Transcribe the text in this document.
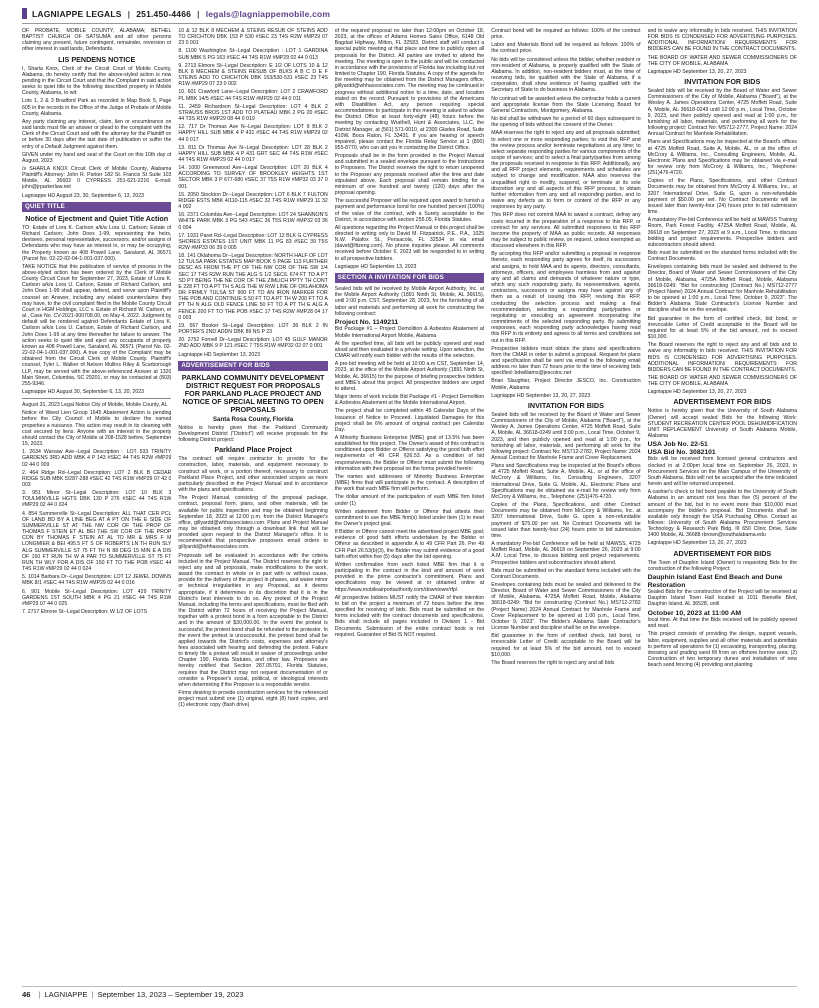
LAGNIAPPE LEGALS | 251.450-4466 | legals@lagniappemobile.com

OF PROBATE, MOBILE COUNTY, ALABAMA; BETHEL BAPTIST CHURCH OF SATSUMA and all other persons claiming any present, future contingent, remainder, reversion or other interest in said lands, Defendants.

LIS PENDENS NOTICE

I, Sharla Knox, Clerk of the Circuit Court of Mobile County, Alabama, do hereby certify that the above-styled action is now pending in the Circuit Court and that the Complaint in said action seeks to quiet title to the following described property in Mobile County, Alabama, to wit:

Lots 1, 2 & 3 Bradford Park as recorded in Map Book 5, Page 605 in the records in the Office of the Judge of Probate of Mobile County, Alabama.

Any party claiming any interest, claim, lien or encumbrance on said lands must file an answer or plead to the complaint with the Clerk of the Circuit Court and with the attorney for the Plaintiff on or before 30 days after the last date of publication or suffer the entry of a Default Judgment against them.

GIVEN under my hand and seal of the Court on this 10th day of August, 2023

/s SHARLA KNOX Circuit Clerk of Mobile County, Alabama Plaintiff's Attorney: John R. Parker 182 St. Francis St Suite 103 Mobile, AL 36602 0 CYPRESS 251-621-2216 E-mail: john@jrparkerlaw.net

Lagniappe HD August 23, 30, September 6, 13, 2023
QUIET TITLE
Notice of Ejectment and Quiet Title Action

TO: Estate of Lora K. Carlson a/k/a Lora U. Carlson; Estate of Richard Carlson; John Does 1-99, representing the heirs, devisees, personal representative, successors, and/or assigns of Defendants who may have an interest in, or may be occupying, the Property known as 408 Powell Lane, Saraland, AL 36571 (Parcel No. 02-22-02-04-1-001-037.000).

TAKE NOTICE that this publication of service of process in the above-styled action has been ordered by the Clerk of Mobile County Circuit Court for September 27, 2023, Estate of Lora K. Carlson a/k/a Lora U. Carlson, Estate of Richard Carlson, and John Does 1-99 shall appear, defend, and serve upon Plaintiff's counsel an Answer, including any related counterclaims they may have, to the civil complaint filed in the Mobile County Circuit Court in HGM Holdings, LLC v. Estate of Richard W. Carlson, et al., Case No. CV-2021-900708.00, on May 4, 2022. Judgment by default will be rendered against Defendants Estate of Lora K. Carlson a/k/a Lora U. Carlson, Estate of Richard Carlson, and John Does 1-99 at any time thereafter for failure to answer. The action seeks to quiet title and eject any occupants of property known as 408 Powell Lane, Saraland, AL 36571 (Parcel No. 02-22-02-04-1-001-037.000). A true copy of the Complaint may be obtained from the Circuit Clerk of Mobile County. Plaintiff's counsel, Tyler L. Walker of Nelson Mullins Riley & Scarborough LLP, may be served with the above-referenced Answer at 1320 Main Street, Columbia, SC 29201, or may be contacted at (803) 255-9346.

Lagniappe HD August 30, September 6, 13, 20, 2023

August 31, 2023 Legal Notice City of Mobile, Mobile County, AL

Notice of Weed Lien Group 1645 Abatement Action is pending before the City Council of Mobile to declare the named properties a nuisance. This action may result in its cleaning with cost secured by liens. Anyone with an interest in the property should contact the City of Mobile at 208-1528 before, September 15, 2023.

1. 2634 Warsaw Ave--Legal Description : LOT 533 TRINITY GARDENS 3RD ADD MBK 4 P 143 #SEC 44 T4S R2W #MP29 02 44 0 009

2. 464 Ridge Rd--Legal Description: LOT 2 BLK B CEDAR RIDGE SUB MBK 5/287-288 #SEC 42 T4S R1W #MP29 07 42 0 003

3. 951 Minor St--Legal Description: LOT 10 BLK 3 TOULMINVILLE HGTS DBK 130 P 276 #SEC 44 T4S R1W #MP29 02 44 0 024

4. 854 Summerville St--Legal Description: ALL THAT CER PCL OF LAND BD BY A LINE BEG AT A PT ON THE E SIDE OF SUMMERVILLE ST AT THE NW COR OF THE PROP OF THOMAS F STEIN ET AL BEI THE SW COR OF THE PROP CON BY THOMAS F STEIN AT AL TO MR & MRS F M LONGMIER & BEI 495.5 FT S OF ROBERTS LN TH RUN SLY ALG SUMMERVILLE ST 75 FT TH N 88 DEG 15 MIN E A DIS OF 150 FT RUN TH W A PAR TO SUMMERVILLE ST 75 FT RUN TH WLY FOR A DIS OF 150 FT TO THE POB #SEC 44 T4S R1W #MP29 02 44 0 024

5. 1014 Barbara Dr--Legal Description: LOT 12 JEWEL DOWNS MBK 8/1 #SEC 44 T4S R1W #MP29 02 44 0 016

6. 901 Mobile St--Legal Description: LOT 429 TRINITY GARDENS 1ST SOUTH MBK 4 PG 21 #SEC 44 T4S R1W #MP29 07 44 0 025

7. 2717 Elmore St--Legal Description: W 1/2 OF LOTS

10 & 12 BLK 8 MECHEM & STEINS RESUB OF STEINS ADD TO CRICHTON DBK 153 P 530 #SEC 23 T4S R2W #MP29 07 23 0 001

8. 1100 Washington St--Legal Description : LOT 1 GARDINA SUB MBK 5 PG 163 #SEC 44 T4S R1W #MP29 02 44 0 013

9. 2713 Elmore St--Legal Description: E 1/2 OF LOTS 10 & 12 BLK 8 MECHEM & STEINS RESUB OF BLKS A B C D E F STEINS ADD TO CRICHTON DBK 153/530-531 #SEC 23 T4S R1W #MP29 07 23 0 002

10. 601 Crawford Lane--Legal Description: LOT 2 CRAWFORD PL MBK 14/5 #SEC 44 T4S R1W #MP29 02 44 0 011

11. 2459 Richardson St--Legal Description: LOT 4 BLK 2 STRAUSS BROS 1ST ADD TO PLATEAU MBK 2 PG 20 #SEC 44 T3S R1W #MP29 08 44 0 019

12. 717 Dr Thomas Ave N--Legal Description: LOT 9 BLK 2 HAPPY HILL SUB MBK 4 P 431 #SEC 44 T4S R1W #MP29 02 44 0 017

13. 811 Dr Thomas Ave N--Legal Description: LOT 28 BLK 2 HAPPY HILL SUB MBK 4 P 431 GRT SEC 44 T4S R1W #SEC 44 T4S R1W #MP29 02 44 0 017

14. 1000 Greenwood Ave--Legal Description: LOT 20 BLK 4 ACCORDING TO SURVEY OF BROOKLEY HEIGHTS 1ST SECTOR MBK 3 P 677-680 #SEC 37 T5S R1W #MP32 03 37 0 001

15. 2050 Stockton Dr--Legal Description: LOT 6 BLK 7 FULTON RIDGE ESTS MBK 4/110-115 #SEC 32 T4S R1W #MP29 11 32 4 002

16. 2371 Columbia Ave--Legal Description: LOT 24 SHANNON'S WHITE PARK MBK 3 PG 543 #SEC 36 T5S R1W #MP32 03 36 0 004

17. 1931 Paret Rd--Legal Description: LOT 12 BLK G CYPRESS SHORES ESTATES 1ST UNIT MBK 11 PG 83 #SEC 39 T5S R2W #MP33 06 39 0 005

18. 141 Oklahoma Dr--Legal Description: NORTH HALF OF LOT 12 TULSA PARK ESTATES MAP BOOK 5 PAGE 113 FURTHER DESC AS FROM THE PT OF THE NW COR OF THE SW 1/4 SEC 17 T4S R2W RUN THE ALG S 1/2 SEC/L 674 FT TO A PT SD PT BEING THE NE COR OF THE ZIMLICH PPTY TH CONT E 228 FT TO A PT TH S ALG THE W R/W LINE OF OKLAHOMA DR FIRMLY TULSA ST 900 FT TO AN IRON MARKER FOR THE POB AND CONTINUE S 50 FT TO A PT TH W 200 FT TO A PT TH N ALG OLD FENCE LINE 50 FT TO A PT TH E ALG A FENCE 200 FT TO THE POB #SEC 17 T4S R2W #MP28 04 17 0 003

19. 567 Booker St--Legal Description: LOT 36 BLK 2 IN PORTER'S 2ND ADDN DBK 89 NS P 23

20. 2752 Fornell Dr--Legal Description: LOT 45 GULF MANOR 2ND ADD MBK 9 P 121 #SEC 7 T5S R1W #MP32 02 07 0 001

Lagniappe HD September 13, 2023
ADVERTISEMENT FOR BIDS
PARKLAND COMMUNITY DEVELOPMENT DISTRICT REQUEST FOR PROPOSALS FOR PARKLAND PLACE PROJECT AND NOTICE OF SPECIAL MEETING TO OPEN PROPOSALS
Santa Rosa County, Florida

Notice is hereby given that the Parkland Community Development District ("District") will receive proposals for the following District project:

Parkland Place Project

The contract will require contractor to provide for the construction, labor, materials, and equipment necessary to construct all work, or a portion thereof, necessary to construct Parkland Place Project, and other associated scopes as more particularly described in the Project Manual and in accordance with the plans and specifications.

The Project Manual, consisting of the proposal package, contract, proposal form, plans, and other materials, will be available for public inspection and may be obtained beginning September 18, 2023 at 12:00 p.m. from the District Manager's office, gillyardd@whhassociates.com. Plans and Project Manual may be obtained only through a download link that will be provided upon request to the District Manager's office. It is recommended that prospective proposers email orders to gillyardd@whhassociates.com.

Proposals will be evaluated in accordance with the criteria included in the Project Manual. The District reserves the right to reject any and all proposals, make modifications to the work, award the contract in whole or in part with or without cause, provide for the delivery of the project in phases, and waive minor or technical irregularities in any Proposal, as it deems appropriate, if it determines in its discretion that it is in the District's best interests to do so. Any protest of the Project Manual, including the terms and specifications, must be filed with the District within 72 hours of receiving the Project Manual, together with a protest bond in a form acceptable to the District and in the amount of $30,000.00. In the event the protest is successful, the protest bond shall be refunded to the protestor. In the event the protest is unsuccessful, the protest bond shall be applied towards the District's costs, expenses and attorney's fees associated with hearing and defending the protest. Failure to timely file a protest will result in waiver of proceedings under Chapter 190, Florida Statutes, and other law. Proposers are hereby notified that Section 287.05701, Florida Statutes, requires that the District may not request documentation of or consider a Proposer's social, political, or ideological interests when determining if the Proposer is a responsible vendor.

Firms desiring to provide construction services for the referenced project must submit one (1) original, eight (8) hard copies, and (1) electronic copy (flash drive)

of the required proposal no later than 12:00pm on October 18, 2023, at the offices of Adams Homes Sales Office, 6148 Old Bagdad Highway, Milton, FL 32583. District staff will conduct a special public meeting at that place and time to publicly open all proposals for the District. All parties are invited to attend the meeting. The meeting is open to the public and will be conducted in accordance with the provisions of Florida law including but not limited to Chapter 190, Florida Statutes. A copy of the agenda for the meeting may be obtained from the District Managers office, gillyardd@whhassociates.com. The meeting may be continued in progress without additional notice to a time, date, and location stated on the record. Pursuant to provisions of the Americans with Disabilities Act, any person requiring special accommodations to participate in this meeting is asked to advise the District Office at least forty-eight (48) hours before the meeting by contacting Wrathell, Hunt & Associates, LLC, the District Manager, at (561) 571-0010, at 2300 Glades Road, Suite 410W, Boca Raton, FL 33431. If you are hearing or speech impaired, please contact the Florida Relay Service at 1 (800) 955-8770, who can aid you in contacting the District Office.

Proposals shall be in the form provided in the Project Manual and submitted in a sealed envelope pursuant to the Instructions to Proposers. The District reserves the right to return unopened to the Proposer any proposals received after the time and date stipulated above. Each proposal shall remain binding for a minimum of one hundred and twenty (120) days after the proposal opening.

The successful Proposer will be required upon award to furnish a payment and performance bond for one hundred percent (100%) of the value of the contract, with a Surety acceptable to the District, in accordance with section 255.05, Florida Statutes.

All questions regarding the Project Manual or this project shall be directed in writing only to David M. Fitzpatrick, P.E., P.A., 1025 N.W. Palafox St., Pensacola, FL 32534 or via email (david@fitzeng.com). No phone inquiries please. All comments received before October 6, 2023 will be responded to in writing to all prospective bidders.

Lagniappe HD September 13, 2023
SECTION A INVITATION FOR BIDS

Sealed bids will be received by Mobile Airport Authority, Inc. at the Mobile Airport Authority (1891 Ninth St, Mobile, AL 36615), until 2:00 p.m. CST, September 28, 2023, for the furnishing of all labor and materials and performing all work for constructing the following contract:

Project No. 1149211

Bid Package #1 – Project Demolition & Asbestos Abatement at Mobile International Airport Mobile, Alabama

At the specified time, all bids will be publicly opened and read aloud and then evaluated in a private setting. Upon selection, the CMAR will notify each bidder with the results of the selection.

A pre-bid meeting will be held at 10:00 a.m CST, September 14, 2023, at the office of the Mobile Airport Authority (1891 Ninth St, Mobile, AL 36615) for the purpose of briefing prospective bidders and MBE's about this project. All prospective bidders are urged to attend.

Major items of work include Bid Package #1 - Project Demolition & Asbestos Abatement at the Mobile International Airport.

The project shall be completed within 45 Calendar Days of the Issuance of Notice to Proceed. Liquidated Damages for this project shall be 6% amount of original contract per Calendar Day.

A Minority Business Enterprise (MBE) goal of 13.5% has been established for this project. The Owner's award of this contract is conditioned upon Bidder or Offeror satisfying the good faith effort requirements of 49 CFR §26.53. As a condition of bid responsiveness, the Bidder or Offeror must submit the following information with their proposal on the forms provided herein:

The names and addresses of Minority Business Enterprise (MBE) firms that will participate in the contract. A description of the work that each MBE firm will perform.

The dollar amount of the participation of each MBE firm listed under (1)

Written statement from Bidder or Offeror that attests their commitment to use the MBE firm(s) listed under item (1) to meet the Owner's project goal.

If Bidder or Offeror cannot meet the advertised project MBE goal; evidence of good faith efforts undertaken by the Bidder or Offeror as described in appendix A to 49 CFR Part 26. Per 49 CFR Part 26.53(b)(3), the Bidder may submit evidence of a good faith effort within five (5) days after the bid opening.

Written confirmation from each listed MBE firm that it is participating in the contract in the kind and amount of work provided in the prime contractor's commitment. Plans and specifications may be viewed at or obtained online at https://www.mobileairportauthority.com/downtown/rfp/.

All prospective bidders MUST notify the CMAR of their intention to bid on the project a minimum of 72 hours before the time specified for receiving of bids. Bids must be submitted on the forms included with the contract documents and specifications. Bids shall include all pages included in Division 1 - Bid Documents. Submission of the entire contract book is not required. Guarantee of Bid IS NOT required.

Contract bond will be required as follows: 100% of the contract price.

Labor and Materials Bond will be required as follows: 100% of the contract price.

No bids will be considered unless the bidder, whether resident or non-resident of Alabama, is properly qualified with the State of Alabama. In addition, non-resident bidders must, at the time of receiving bids, be qualified with the State of Alabama, if a corporation, shall show evidence of having qualified with the Secretary of State to do business in Alabama.

No contract will be awarded unless the contractor holds a current and appropriate license from the State Licensing Board for General Contractors, Montgomery, Alabama.

No bid shall be withdrawn for a period of 60 days subsequent to the opening of bids without the consent of the Owner.

MAA reserves the right to reject any and all proposals submitted; to select one or more responding parties; to void this RFP and the review process and/or terminate negotiations at any time; to select separate responding parties for various components of the scope of services; and to select a final party/parties from among the proposals received in response to this RFP. Additionally, any and all RFP project elements, requirements and schedules are subject to change and modification. MAA also reserves the unqualified right to modify, suspend, or terminate at its sole discretion any and all aspects of this RFP process, to obtain further information from any and all responding parties, and to waive any defects as to form or content of the RFP or any responses by any party.

This RFP does not commit MAA to award a contract, defray any costs incurred in the preparation of a response to this RFP, or contract for any services. All submitted responses to this RFP become the property of MAA as public records. All responses may be subject to public review, on request, unless exempted as discussed elsewhere in this RFP.

By accepting this RFP and/or submitting a proposal in response thereto, each responding party agrees for itself, its successors and assigns, to hold MAA and its agents, directors, consultants, attorneys, officers, and employees harmless from and against any and all claims and demands of whatever nature or type, which any such responding party, its representatives, agents, contractors, successors or assigns may have against any of them as a result of issuing this RFP, revising this RFP, conducting the selection process and making a final recommendation, selecting a responding party/parties or negotiating or executing an agreement incorporating the commitments of the selected responding party. By submitting responses, each responding party acknowledges having read this RFP in its entirety and agrees to all terms and conditions set out in this RFP.

Prospective bidders must obtain the plans and specifications from the CMAR in order to submit a proposal. Request for plans and specification shall be sent via email to the following email address no later than 72 hours prior to the time of receiving bids specified: bdwilliams@jescoinc.net

Brian Slaughter, Project Director JESCO, Inc. Construction Mobile, Alabama

Lagniappe HD September 13, 20, 27, 2023
INVITATION FOR BIDS

Sealed bids will be received by the Board of Water and Sewer Commissioners of the City of Mobile, Alabama ("Board"), at the Wesley A. James Operations Center, 4725 Moffett Road, Suite A, Mobile, AL 36618-0249 until 3:00 p.m., Local Time, October 9, 2023, and then publicly opened and read at 1:00 p.m., for furnishing all labor, materials, and performing all work for the following project: Contract No: MS712-2782, Project Name: 2024 Annual Contract for Manhole Frame and Cover Replacement.

Plans and Specifications may be inspected at the Board's offices at 4725 Moffett Road, Suite A, Mobile, AL, or at the office of McCrory & Williams, Inc. Consulting Engineers, 3207 International Drive, Suite G, Mobile, AL. Electronic Plans and Specifications may be obtained via e-mail for review only from McCrory & Williams, Inc., Telephone: (251)476-4720.

Copies of the Plans, Specifications, and other Contract Documents may be obtained from McCrory & Williams, Inc. at 3207 International Drive, Suite G, upon a non-refundable payment of $75.00 per set. No Contract Documents will be issued later than twenty-four (24) hours prior to bid submission time.

A mandatory Pre-bid Conference will be held at MAWSS, 4725 Moffett Road, Mobile, AL 36618 on September 26, 2023 at 9:00 A.M. Local Time, to discuss bidding and project requirements. Prospective bidders and subcontractors should attend.

Bids must be submitted on the standard forms included with the Contract Documents.

Envelopes containing bids must be sealed and delivered to the Director, Board of Water and Sewer Commissioners of the City of Mobile, Alabama, 4725A Moffett Road, Mobile, Alabama 36618-0249: "Bid for constructing (Contract No.) MS712-2782 (Project Name) 2024 Annual Contract for Manhole Frame and Cover Replacement to be opened at 1:00 p.m., Local Time, October 9, 2023". The Bidder's Alabama State Contractor's License Number and discipline shall be on the envelope.

Bid guarantee in the form of certified check, bid bond, or irrevocable Letter of Credit acceptable to the Board will be required for at least 5% of the bid amount, not to exceed $10,000.

The Board reserves the right to reject any and all bids

and to waive any informality in bids received. THIS INVITATION FOR BIDS IS CONDENSED FOR ADVERTISING PURPOSES. ADDITIONAL INFORMATION/ REQUIREMENTS FOR BIDDERS CAN BE FOUND IN THE CONTRACT DOCUMENTS.

THE BOARD OF WATER AND SEWER COMMISSIONERS OF THE CITY OF MOBILE, ALABAMA

Lagniappe HD September 13, 20, 27, 2023
INVITATION FOR BIDS

Sealed bids will be received by the Board of Water and Sewer Commissioners of the City of Mobile, Alabama ("Board"), at the Wesley A. James Operations Center, 4725 Moffett Road, Suite A, Mobile, AL 36618-0249 until 12:00 p.m., Local Time, October 9, 2023, and then publicly opened and read at 1:00 p.m., for furnishing all labor, materials, and performing all work for the following project: Contract No: MS712-2777, Project Name: 2024 Annual Contract for Manhole Rehabilitation.

Plans and Specifications may be inspected at the Board's offices at 4725 Moffett Road, Suite A, Mobile, AL, or at the office of McCrory & Williams, Inc., Consulting Engineers, Mobile, AL. Electronic Plans and Specifications may be obtained via e-mail for review only from McCrory & Williams, Inc., Telephone: (251)476-4720.

Copies of the Plans, Specifications, and other Contract Documents may be obtained from McCrory & Williams, Inc., at 3207 International Drive, Suite G, upon a non-refundable payment of $50.00 per set. No Contract Documents will be issued later than twenty-four (24) hours prior to bid submission time.

A mandatory Pre-bid Conference will be held at MAWSS Training Room, Park Forest Facility, 4725A Moffett Road, Mobile, AL 36618 on September 27, 2023 at 9 a.m., Local Time, to discuss bidding and project requirements. Prospective bidders and subcontractors should attend.

Bids must be submitted on the standard forms included with the Contract Documents.

Envelopes containing bids must be sealed and delivered to the Director, Board of Water and Sewer Commissioners of the City of Mobile, Alabama, 4725A Moffett Road, Mobile, Alabama 36618-0249: "Bid for constructing (Contract No.) MS712-2777 (Project Name) 2024 Annual Contract for Manhole Rehabilitation to be opened at 1:00 p.m., Local Time, October 9, 2023". The Bidder's Alabama State Contractor's License Number and discipline shall be on the envelope.

Bid guarantee in the form of certified check, bid bond, or irrevocable Letter of Credit acceptable to the Board will be required for at least 5% of the bid amount, not to exceed $10,000.

The Board reserves the right to reject any and all bids and to waive any informality in bids received. THIS INVITATION FOR BIDS IS CONDENSED FOR ADVERTISING PURPOSES. ADDITIONAL INFORMATION/ REQUIREMENTS FOR BIDDERS CAN BE FOUND IN THE CONTRACT DOCUMENTS.

THE BOARD OF WATER AND SEWER COMMISSIONERS OF THE CITY OF MOBILE, ALABAMA

Lagniappe HD September 13, 20, 27, 2023
ADVERTISEMENT FOR BIDS

Notice is hereby given that the University of South Alabama (Owner) will accept sealed Bids for the following Work: STUDENT RECREATION CENTER POOL DEHUMIDIFICATION UNIT REPLACEMENT University of South Alabama Mobile, Alabama

USA Job No. 22-51
USA Bid No. 3082101

Bids will be received from licensed general contractors and clocked in at 2:00pm local time on September 26, 2023, in Procurement Services on the Main Campus of the University of South Alabama. Bids will not be accepted after the time indicated herein and will be returned unopened.

A cashier's check or bid bond payable to the University of South Alabama in an amount not less than five (5) percent of the amount of the bid, but in no event more than $10,000 must accompany the bidder's proposal. Bid Documents shall be available only through the USA Purchasing Office. Contact as follows: University of South Alabama Procurement Services Technology & Research Park Bldg. III 650 Clinic Drive, Suite 1400 Mobile, AL 36688 rbrown@southalabama.edu

Lagniappe HD September 13, 20, 27, 2023
ADVERTISEMENT FOR BIDS

The Town of Dauphin Island (Owner) is requesting Bids for the construction of the following Project:

Dauphin Island East End Beach and Dune Restoration

Sealed Bids for the construction of the Project will be received at Dauphin Island Town Hall located at 1011 Bienville Blvd, Dauphin Island, AL 36528, until

October 10, 2023 at 11:00 AM

local time. At that time the Bids received will be publicly opened and read.

This project consists of providing the design, support vessels, labor, equipment, supplies and all other materials and submittals to perform all operations for (1) excavating, transporting, placing, dressing and grading sand fill from an offshore borrow area; (2) Construction of two temporary dunes and installation of new beach sand fencing (4) providing and planting

46 | LAGNIAPPE | September 13, 2023 – September 19, 2023
